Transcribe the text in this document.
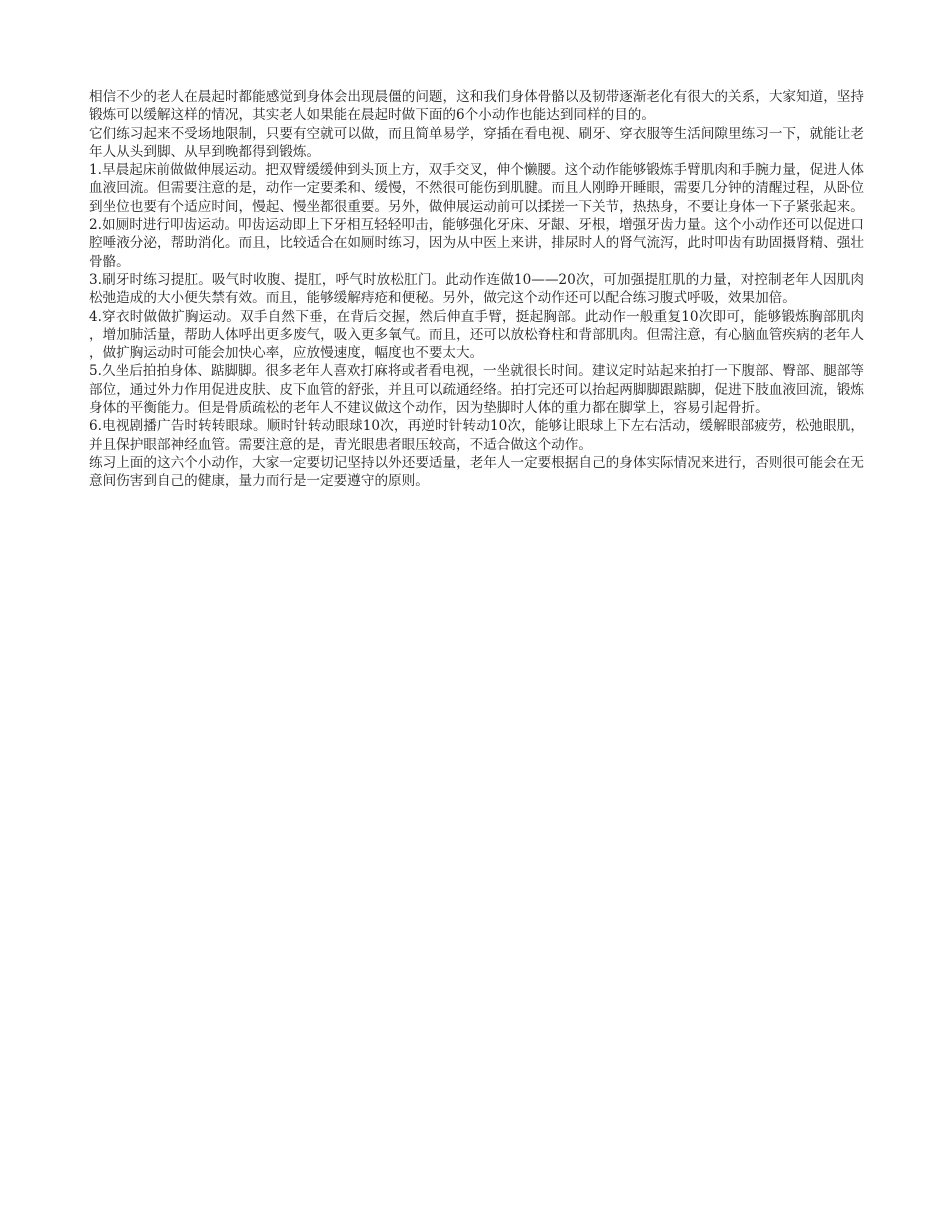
相信不少的老人在晨起时都能感觉到身体会出现晨僵的问题，这和我们身体骨骼以及韧带逐渐老化有很大的关系，大家知道，坚持锻炼可以缓解这样的情况，其实老人如果能在晨起时做下面的6个小动作也能达到同样的目的。

它们练习起来不受场地限制，只要有空就可以做，而且简单易学，穿插在看电视、刷牙、穿衣服等生活间隙里练习一下，就能让老年人从头到脚、从早到晚都得到锻炼。

1.早晨起床前做做伸展运动。把双臂缓缓伸到头顶上方，双手交叉，伸个懒腰。这个动作能够锻炼手臂肌肉和手腕力量，促进人体血液回流。但需要注意的是，动作一定要柔和、缓慢，不然很可能伤到肌腱。而且人刚睁开睡眼，需要几分钟的清醒过程，从卧位到坐位也要有个适应时间，慢起、慢坐都很重要。另外，做伸展运动前可以揉搓一下关节，热热身，不要让身体一下子紧张起来。

2.如厕时进行叩齿运动。叩齿运动即上下牙相互轻轻叩击，能够强化牙床、牙龈、牙根，增强牙齿力量。这个小动作还可以促进口腔唾液分泌，帮助消化。而且，比较适合在如厕时练习，因为从中医上来讲，排尿时人的肾气流泻，此时叩齿有助固摄肾精、强壮骨骼。

3.刷牙时练习提肛。吸气时收腹、提肛，呼气时放松肛门。此动作连做10——20次，可加强提肛肌的力量，对控制老年人因肌肉松弛造成的大小便失禁有效。而且，能够缓解痔疮和便秘。另外，做完这个动作还可以配合练习腹式呼吸，效果加倍。

4.穿衣时做做扩胸运动。双手自然下垂，在背后交握，然后伸直手臂，挺起胸部。此动作一般重复10次即可，能够锻炼胸部肌肉，增加肺活量，帮助人体呼出更多废气，吸入更多氧气。而且，还可以放松脊柱和背部肌肉。但需注意，有心脑血管疾病的老年人，做扩胸运动时可能会加快心率，应放慢速度，幅度也不要太大。

5.久坐后拍拍身体、踮脚脚。很多老年人喜欢打麻将或者看电视，一坐就很长时间。建议定时站起来拍打一下腹部、臀部、腿部等部位，通过外力作用促进皮肤、皮下血管的舒张，并且可以疏通经络。拍打完还可以抬起两脚脚跟踮脚，促进下肢血液回流，锻炼身体的平衡能力。但是骨质疏松的老年人不建议做这个动作，因为垫脚时人体的重力都在脚掌上，容易引起骨折。

6.电视剧播广告时转转眼球。顺时针转动眼球10次，再逆时针转动10次，能够让眼球上下左右活动，缓解眼部疲劳，松弛眼肌，并且保护眼部神经血管。需要注意的是，青光眼患者眼压较高，不适合做这个动作。

练习上面的这六个小动作，大家一定要切记坚持以外还要适量，老年人一定要根据自己的身体实际情况来进行，否则很可能会在无意间伤害到自己的健康，量力而行是一定要遵守的原则。
